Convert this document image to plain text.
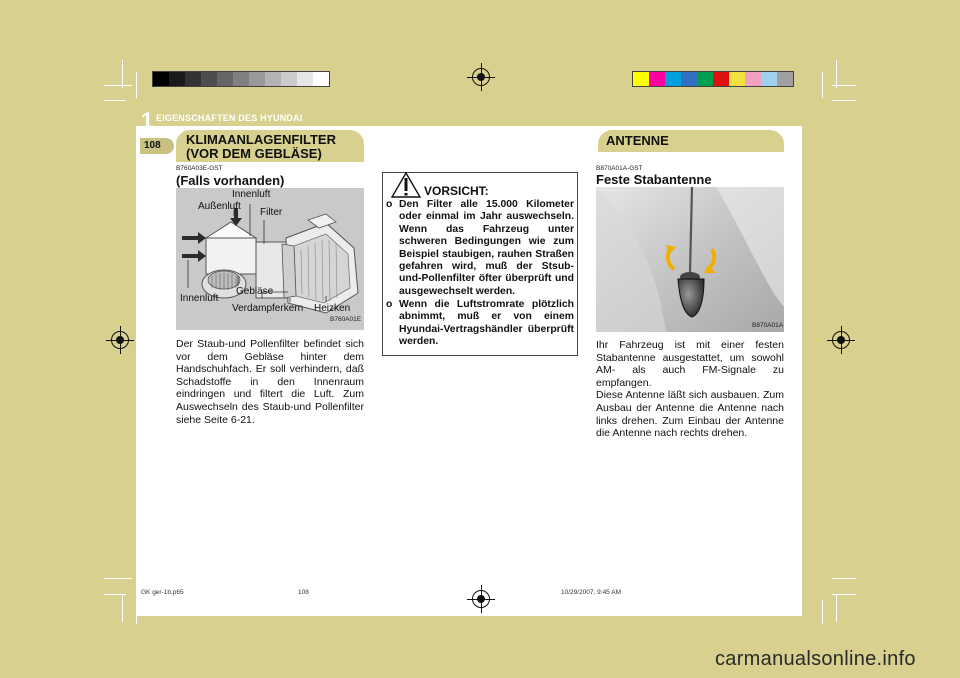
1 EIGENSCHAFTEN DES HYUNDAI
108	KLIMAANLAGENFILTER (VOR DEM GEBLÄSE)
B760A03E-GST
(Falls vorhanden)
Innenluft
Außenluft
Filter
Innenluft
Gebläse
Verdampferkern Heizken
B760A01E
Der Staub-und Pollenfilter befindet sich vor dem Gebläse hinter dem Handschuhfach. Er soll verhindern, daß Schadstoffe in den Innenraum eindringen und filtert die Luft. Zum Auswechseln des Staub-und Pollenfilter siehe Seite 6-21.
VORSICHT:
o Den Filter alle 15.000 Kilometer oder einmal im Jahr auswechseln. Wenn das Fahrzeug unter schweren Bedingungen wie zum Beispiel staubigen, rauhen Straßen gefahren wird, muß der Stsub- und-Pollenfilter öfter überprüft und ausgewechselt werden.
o Wenn die Luftstromrate plötzlich abnimmt, muß er von einem Hyundai-Vertragshändler überprüft werden.
ANTENNE
B870A01A-GST
Feste Stabantenne
B870A01A
Ihr Fahrzeug ist mit einer festen Stabantenne ausgestattet, um sowohl AM- als auch FM-Signale zu empfangen.
Diese Antenne läßt sich ausbauen. Zum Ausbau der Antenne die Antenne nach links drehen. Zum Einbau der Antenne die Antenne nach rechts drehen.
GK ger-1b.p65	108	10/29/2007, 9:45 AM
carmanualsonline.info
